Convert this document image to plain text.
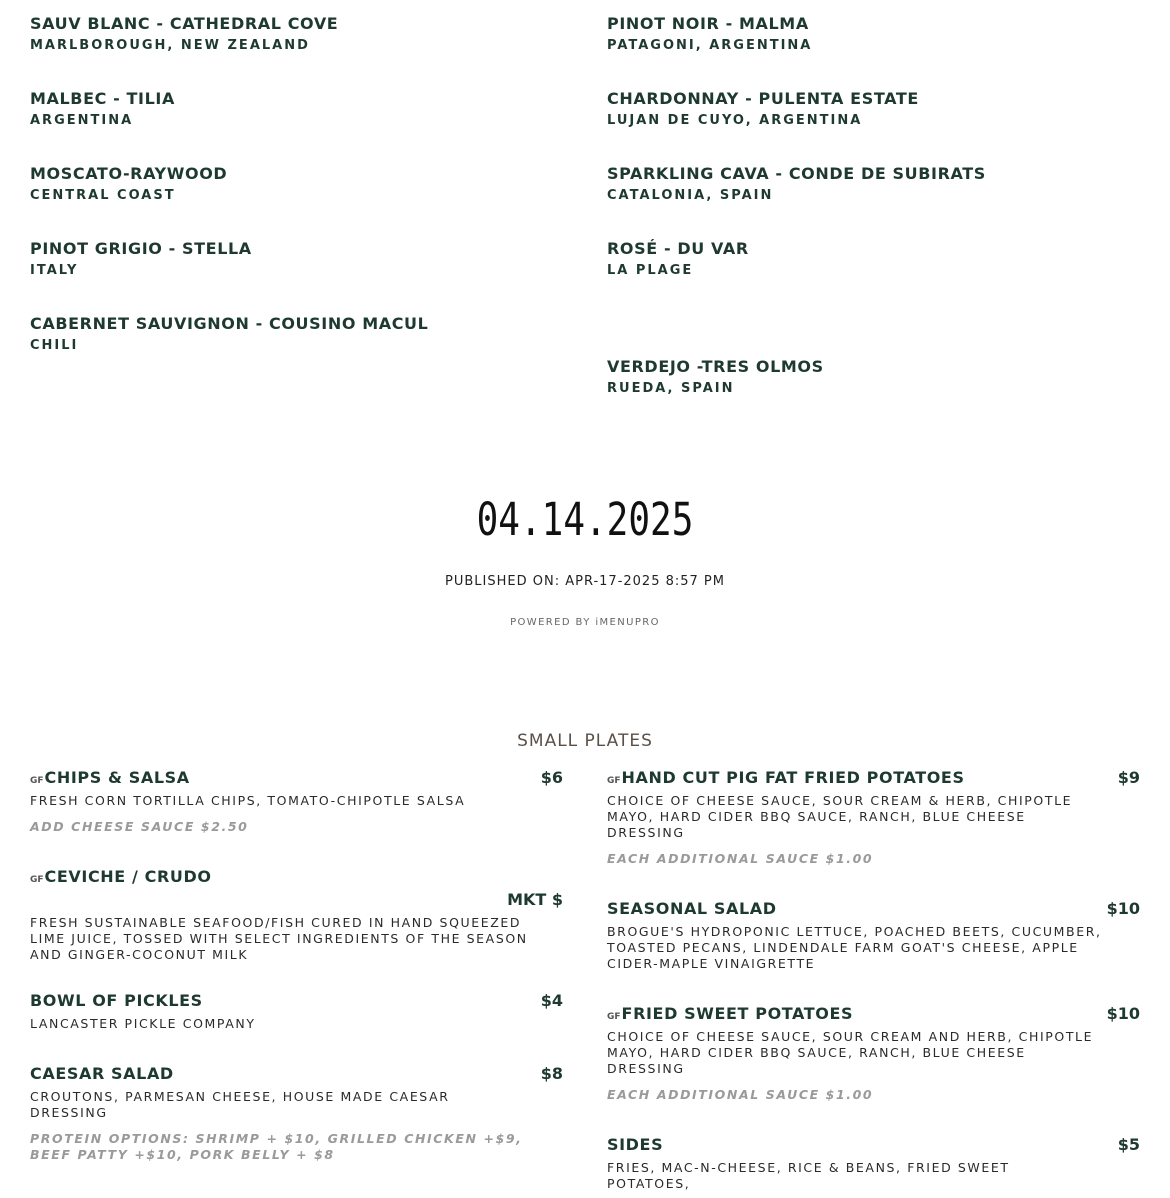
SAUV BLANC - CATHEDRAL COVE
MARLBOROUGH, NEW ZEALAND
MALBEC - TILIA
ARGENTINA
MOSCATO-RAYWOOD
CENTRAL COAST
PINOT GRIGIO - STELLA
ITALY
CABERNET SAUVIGNON - COUSINO MACUL
CHILI
PINOT NOIR - MALMA
PATAGONI, ARGENTINA
CHARDONNAY - PULENTA ESTATE
LUJAN DE CUYO, ARGENTINA
SPARKLING CAVA - CONDE DE SUBIRATS
CATALONIA, SPAIN
ROSÉ - DU VAR
LA PLAGE
VERDEJO -TRES OLMOS
RUEDA, SPAIN
04.14.2025
PUBLISHED ON: APR-17-2025 8:57 PM
POWERED BY iMENUPRO
SMALL PLATES
GFCHIPS & SALSA	$6
FRESH CORN TORTILLA CHIPS, TOMATO-CHIPOTLE SALSA
ADD CHEESE SAUCE $2.50
GFCEVICHE / CRUDO
MKT $
FRESH SUSTAINABLE SEAFOOD/FISH CURED IN HAND SQUEEZED LIME JUICE, TOSSED WITH SELECT INGREDIENTS OF THE SEASON AND GINGER-COCONUT MILK
BOWL OF PICKLES	$4
LANCASTER PICKLE COMPANY
CAESAR SALAD	$8
CROUTONS, PARMESAN CHEESE, HOUSE MADE CAESAR DRESSING
PROTEIN OPTIONS: SHRIMP + $10, GRILLED CHICKEN +$9, BEEF PATTY +$10, PORK BELLY + $8
GFHAND CUT PIG FAT FRIED POTATOES	$9
CHOICE OF CHEESE SAUCE, SOUR CREAM & HERB, CHIPOTLE MAYO, HARD CIDER BBQ SAUCE, RANCH, BLUE CHEESE DRESSING
EACH ADDITIONAL SAUCE $1.00
SEASONAL SALAD	$10
BROGUE'S HYDROPONIC LETTUCE, POACHED BEETS, CUCUMBER, TOASTED PECANS, LINDENDALE FARM GOAT'S CHEESE, APPLE CIDER-MAPLE VINAIGRETTE
GFFRIED SWEET POTATOES	$10
CHOICE OF CHEESE SAUCE, SOUR CREAM AND HERB, CHIPOTLE MAYO, HARD CIDER BBQ SAUCE, RANCH, BLUE CHEESE DRESSING
EACH ADDITIONAL SAUCE $1.00
SIDES	$5
FRIES, MAC-N-CHEESE, RICE & BEANS, FRIED SWEET POTATOES,
